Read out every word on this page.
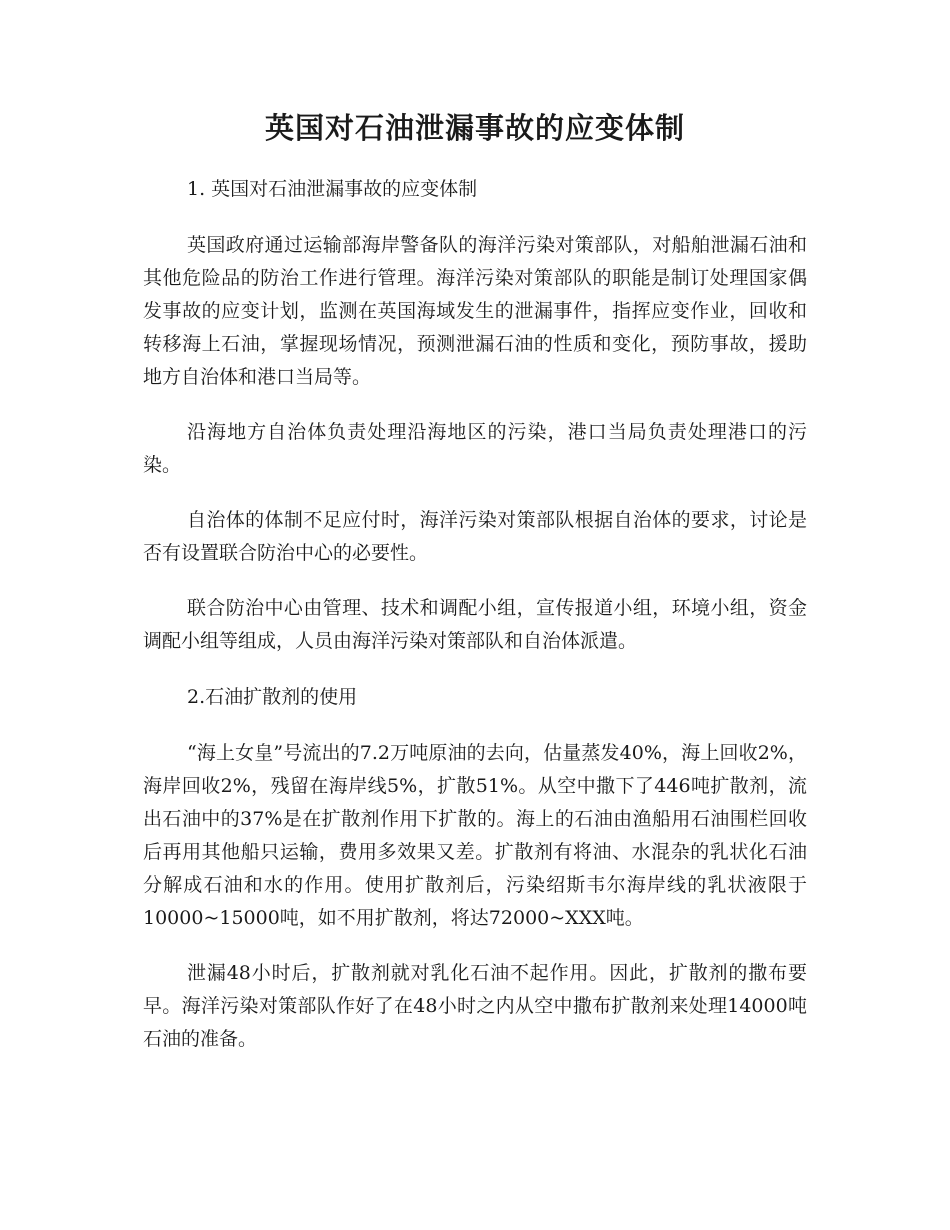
英国对石油泄漏事故的应变体制

1. 英国对石油泄漏事故的应变体制

英国政府通过运输部海岸警备队的海洋污染对策部队，对船舶泄漏石油和其他危险品的防治工作进行管理。海洋污染对策部队的职能是制订处理国家偶发事故的应变计划，监测在英国海域发生的泄漏事件，指挥应变作业，回收和转移海上石油，掌握现场情况，预测泄漏石油的性质和变化，预防事故，援助地方自治体和港口当局等。

沿海地方自治体负责处理沿海地区的污染，港口当局负责处理港口的污染。

自治体的体制不足应付时，海洋污染对策部队根据自治体的要求，讨论是否有设置联合防治中心的必要性。

联合防治中心由管理、技术和调配小组，宣传报道小组，环境小组，资金调配小组等组成，人员由海洋污染对策部队和自治体派遣。

2.石油扩散剂的使用

“海上女皇”号流出的7.2万吨原油的去向，估量蒸发40%，海上回收2%，海岸回收2%，残留在海岸线5%，扩散51%。从空中撒下了446吨扩散剂，流出石油中的37%是在扩散剂作用下扩散的。海上的石油由渔船用石油围栏回收后再用其他船只运输，费用多效果又差。扩散剂有将油、水混杂的乳状化石油分解成石油和水的作用。使用扩散剂后，污染绍斯韦尔海岸线的乳状液限于10000~15000吨，如不用扩散剂，将达72000~XXX吨。

泄漏48小时后，扩散剂就对乳化石油不起作用。因此，扩散剂的撒布要早。海洋污染对策部队作好了在48小时之内从空中撒布扩散剂来处理14000吨石油的准备。
